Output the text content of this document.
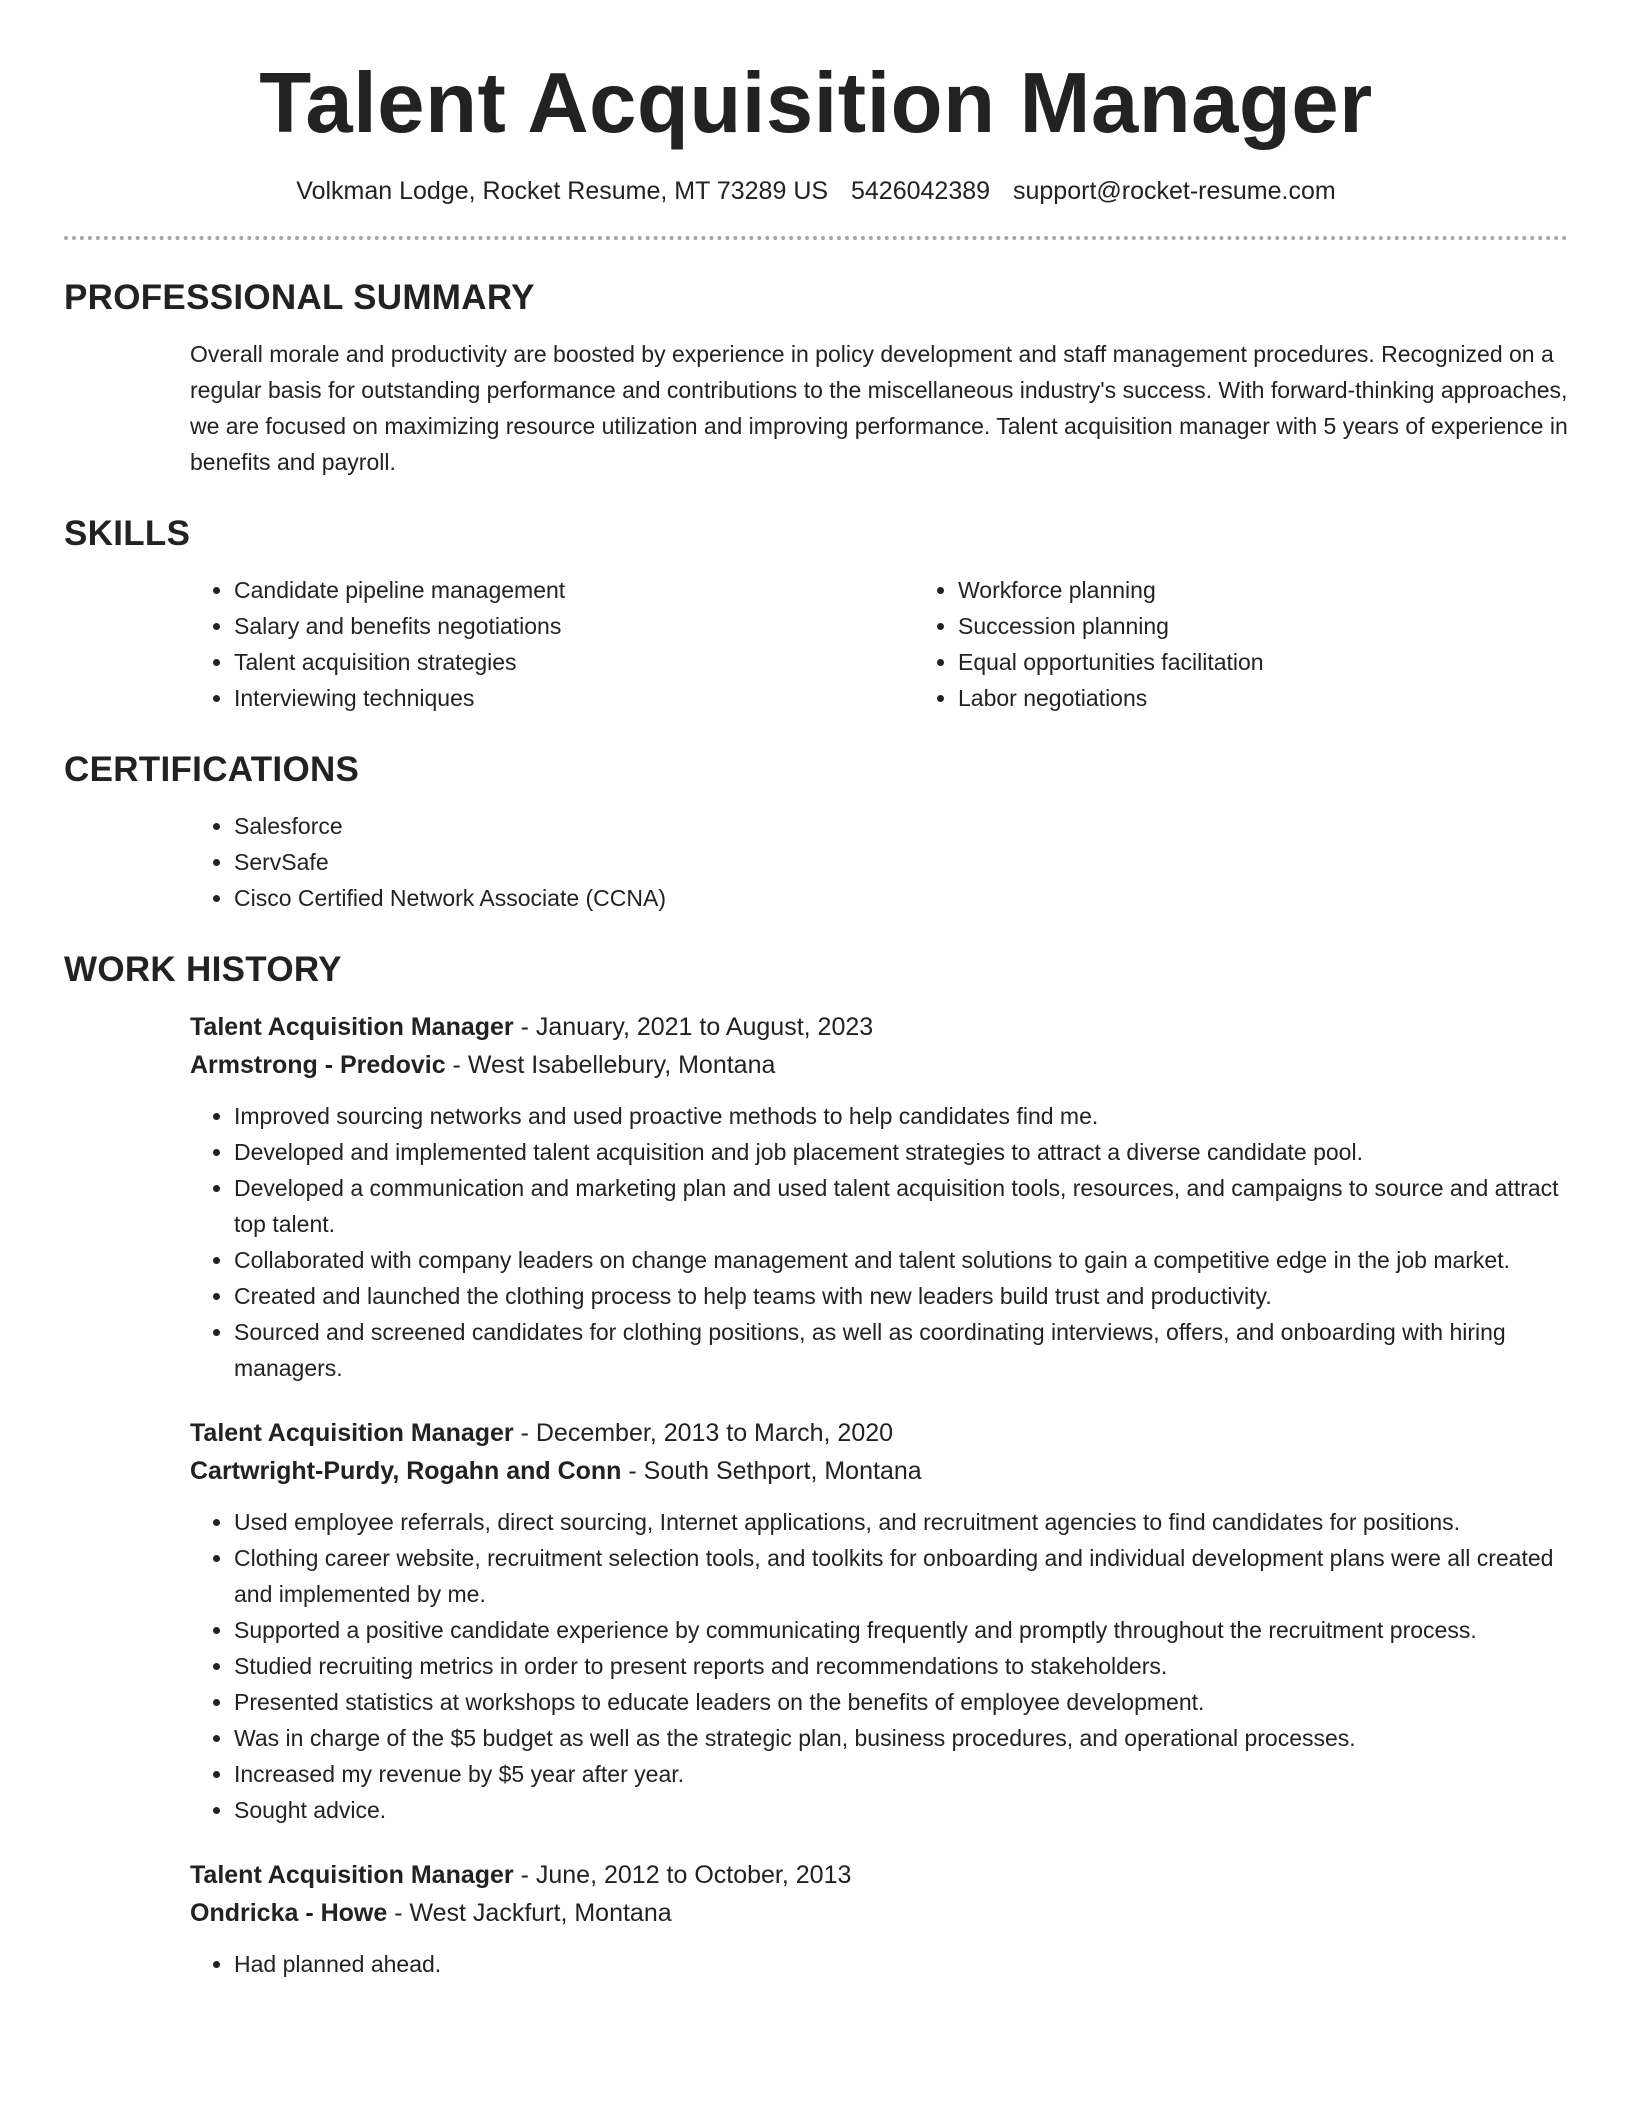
Talent Acquisition Manager
Volkman Lodge, Rocket Resume, MT 73289 US 5426042389 support@rocket-resume.com
PROFESSIONAL SUMMARY
Overall morale and productivity are boosted by experience in policy development and staff management procedures. Recognized on a regular basis for outstanding performance and contributions to the miscellaneous industry's success. With forward-thinking approaches, we are focused on maximizing resource utilization and improving performance. Talent acquisition manager with 5 years of experience in benefits and payroll.
SKILLS
• Candidate pipeline management
• Salary and benefits negotiations
• Talent acquisition strategies
• Interviewing techniques
• Workforce planning
• Succession planning
• Equal opportunities facilitation
• Labor negotiations
CERTIFICATIONS
• Salesforce
• ServSafe
• Cisco Certified Network Associate (CCNA)
WORK HISTORY
Talent Acquisition Manager - January, 2021 to August, 2023
Armstrong - Predovic - West Isabellebury, Montana
• Improved sourcing networks and used proactive methods to help candidates find me.
• Developed and implemented talent acquisition and job placement strategies to attract a diverse candidate pool.
• Developed a communication and marketing plan and used talent acquisition tools, resources, and campaigns to source and attract top talent.
• Collaborated with company leaders on change management and talent solutions to gain a competitive edge in the job market.
• Created and launched the clothing process to help teams with new leaders build trust and productivity.
• Sourced and screened candidates for clothing positions, as well as coordinating interviews, offers, and onboarding with hiring managers.
Talent Acquisition Manager - December, 2013 to March, 2020
Cartwright-Purdy, Rogahn and Conn - South Sethport, Montana
• Used employee referrals, direct sourcing, Internet applications, and recruitment agencies to find candidates for positions.
• Clothing career website, recruitment selection tools, and toolkits for onboarding and individual development plans were all created and implemented by me.
• Supported a positive candidate experience by communicating frequently and promptly throughout the recruitment process.
• Studied recruiting metrics in order to present reports and recommendations to stakeholders.
• Presented statistics at workshops to educate leaders on the benefits of employee development.
• Was in charge of the $5 budget as well as the strategic plan, business procedures, and operational processes.
• Increased my revenue by $5 year after year.
• Sought advice.
Talent Acquisition Manager - June, 2012 to October, 2013
Ondricka - Howe - West Jackfurt, Montana
• Had planned ahead.
